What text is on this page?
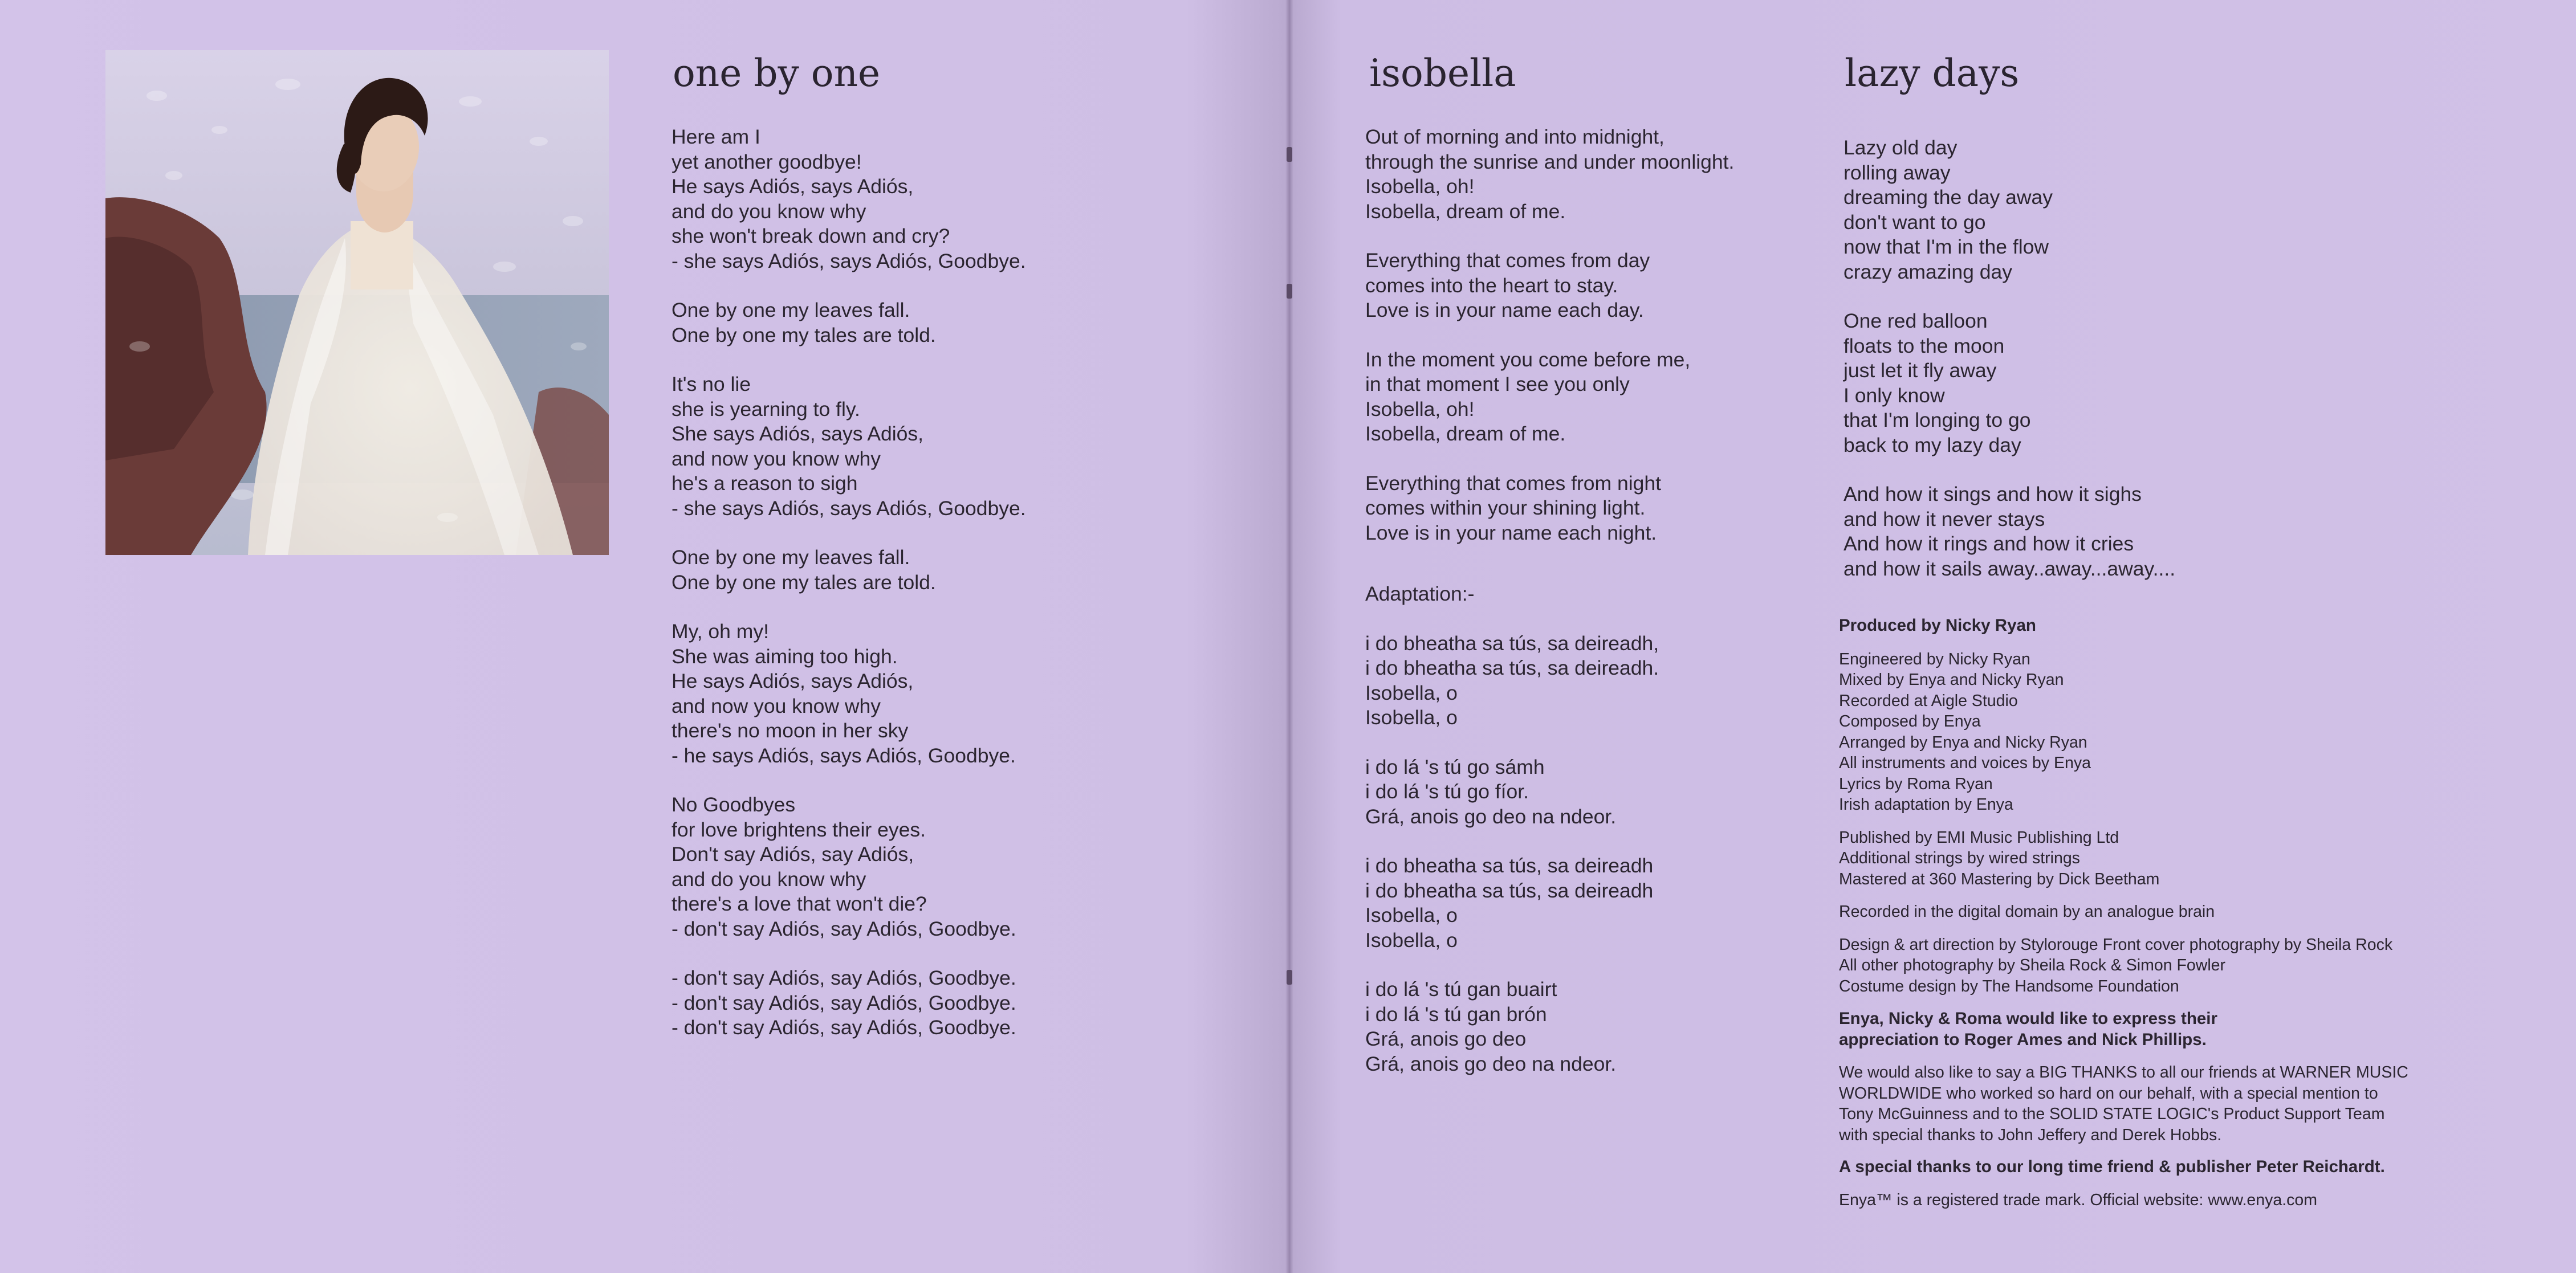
one by one

Here am I
yet another goodbye!
He says Adiós, says Adiós,
and do you know why
she won't break down and cry?
- she says Adiós, says Adiós, Goodbye.

One by one my leaves fall.
One by one my tales are told.

It's no lie
she is yearning to fly.
She says Adiós, says Adiós,
and now you know why
he's a reason to sigh
- she says Adiós, says Adiós, Goodbye.

One by one my leaves fall.
One by one my tales are told.

My, oh my!
She was aiming too high.
He says Adiós, says Adiós,
and now you know why
there's no moon in her sky
- he says Adiós, says Adiós, Goodbye.

No Goodbyes
for love brightens their eyes.
Don't say Adiós, say Adiós,
and do you know why
there's a love that won't die?
- don't say Adiós, say Adiós, Goodbye.

- don't say Adiós, say Adiós, Goodbye.
- don't say Adiós, say Adiós, Goodbye.
- don't say Adiós, say Adiós, Goodbye.

isobella

Out of morning and into midnight,
through the sunrise and under moonlight.
Isobella, oh!
Isobella, dream of me.

Everything that comes from day
comes into the heart to stay.
Love is in your name each day.

In the moment you come before me,
in that moment I see you only
Isobella, oh!
Isobella, dream of me.

Everything that comes from night
comes within your shining light.
Love is in your name each night.

Adaptation:-

i do bheatha sa tús, sa deireadh,
i do bheatha sa tús, sa deireadh.
Isobella, o
Isobella, o

i do lá 's tú go sámh
i do lá 's tú go fíor.
Grá, anois go deo na ndeor.

i do bheatha sa tús, sa deireadh
i do bheatha sa tús, sa deireadh
Isobella, o
Isobella, o

i do lá 's tú gan buairt
i do lá 's tú gan brón
Grá, anois go deo
Grá, anois go deo na ndeor.

lazy days

Lazy old day
rolling away
dreaming the day away
don't want to go
now that I'm in the flow
crazy amazing day

One red balloon
floats to the moon
just let it fly away
I only know
that I'm longing to go
back to my lazy day

And how it sings and how it sighs
and how it never stays
And how it rings and how it cries
and how it sails away..away...away....

Produced by Nicky Ryan
Engineered by Nicky Ryan
Mixed by Enya and Nicky Ryan
Recorded at Aigle Studio
Composed by Enya
Arranged by Enya and Nicky Ryan
All instruments and voices by Enya
Lyrics by Roma Ryan
Irish adaptation by Enya
Published by EMI Music Publishing Ltd
Additional strings by wired strings
Mastered at 360 Mastering by Dick Beetham
Recorded in the digital domain by an analogue brain
Design & art direction by Stylorouge Front cover photography by Sheila Rock
All other photography by Sheila Rock & Simon Fowler
Costume design by The Handsome Foundation
Enya, Nicky & Roma would like to express their
appreciation to Roger Ames and Nick Phillips.
We would also like to say a BIG THANKS to all our friends at WARNER MUSIC
WORLDWIDE who worked so hard on our behalf, with a special mention to
Tony McGuinness and to the SOLID STATE LOGIC's Product Support Team
with special thanks to John Jeffery and Derek Hobbs.
A special thanks to our long time friend & publisher Peter Reichardt.
Enya™ is a registered trade mark. Official website: www.enya.com
